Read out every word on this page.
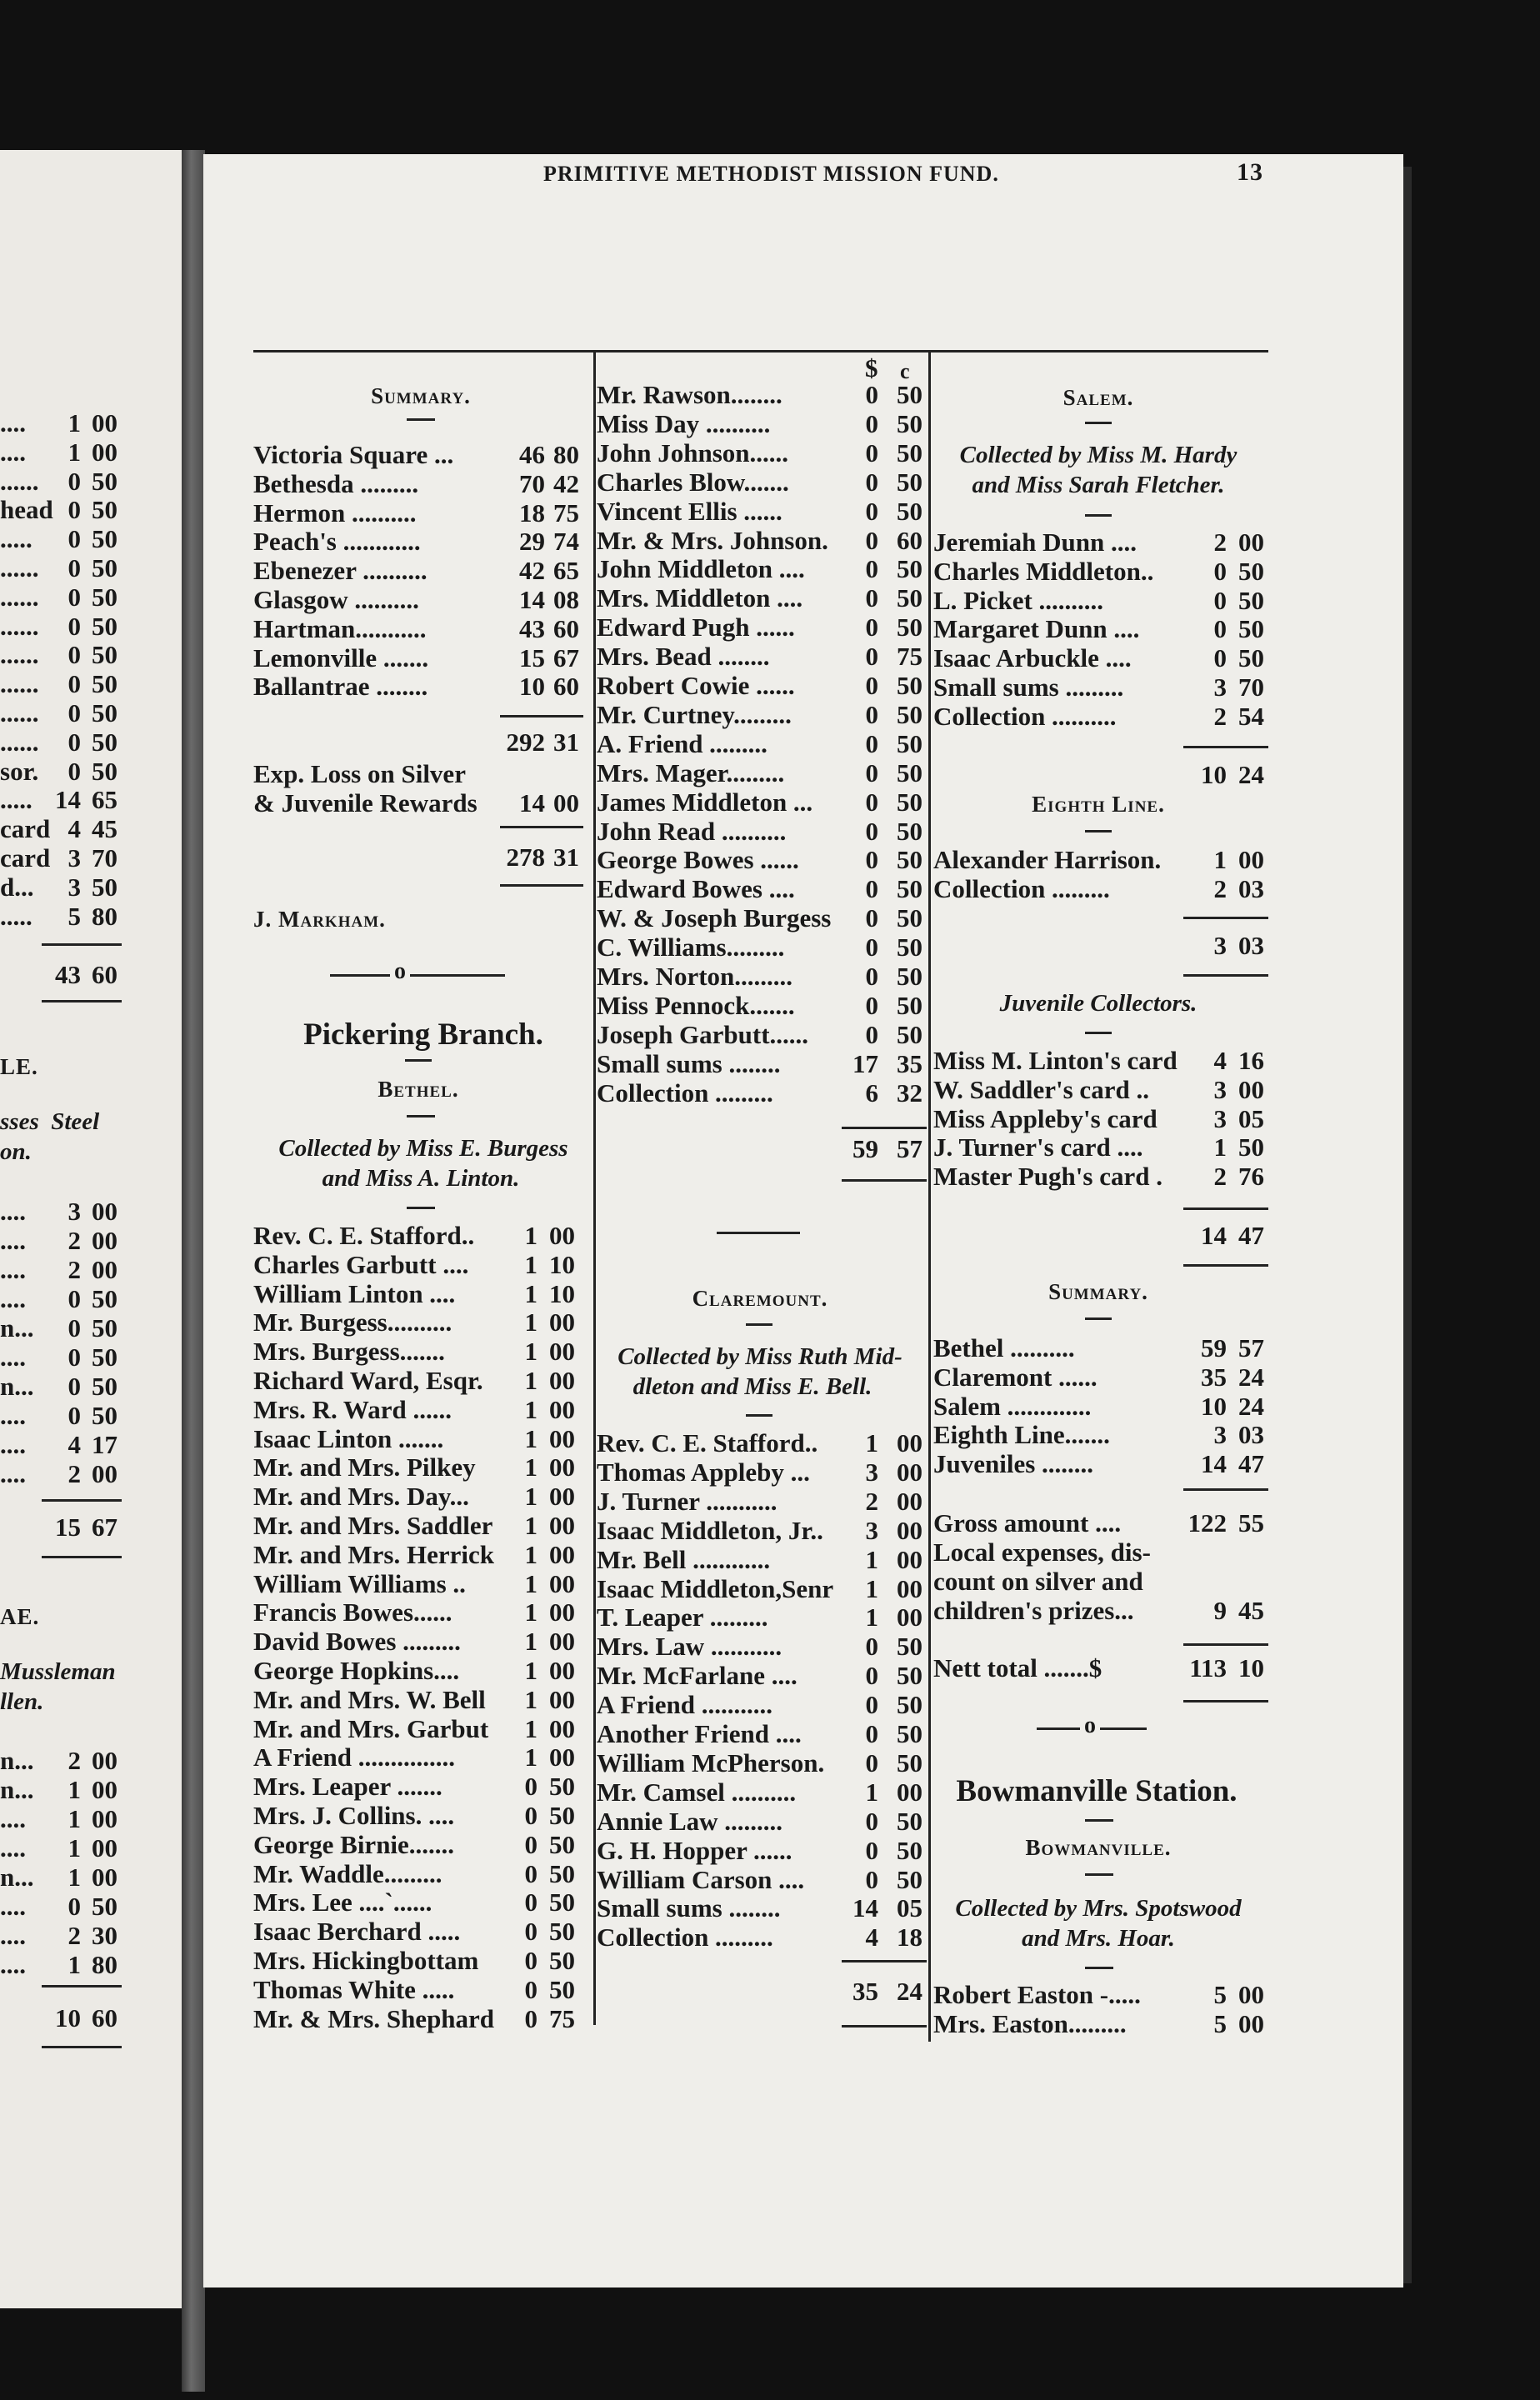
PRIMITIVE METHODIST MISSION FUND.	13
$ c
....	1 00
....	1 00
......	0 50
head 0 50
.....	0 50
......	0 50
......	0 50
......	0 50
......	0 50
......	0 50
......	0 50
......	0 50
sor.	0 50
..... 14 65
card 4 45
card 3 70
d...	3 50
.....	5 80
43 60
LE.
sses  Steel
on.
....	3 00
....	2 00
....	2 00
....	0 50
n...	0 50
....	0 50
n...	0 50
....	0 50
....	4 17
....	2 00
15 67
AE.
Mussleman
llen.
n...	2 00
n...	1 00
....	1 00
....	1 00
n...	1 00
....	0 50
....	2 30
....	1 80
10 60
Summary.
Victoria Square ...	46 80
Bethesda .........	70 42
Hermon ..........	18 75
Peach's ............	29 74
Ebenezer ..........	42 65
Glasgow ..........	14 08
Hartman...........	43 60
Lemonville .......	15 67
Ballantrae ........	10 60
292 31
Exp. Loss on Silver
& Juvenile Rewards	14 00
278 31
J. Markham.
o
Pickering Branch.
Bethel.
Collected by Miss E. Burgess
and Miss A. Linton.
Rev. C. E. Stafford..	1 00
Charles Garbutt ....	1 10
William Linton ....	1 10
Mr. Burgess..........	1 00
Mrs. Burgess.......	1 00
Richard Ward, Esqr.	1 00
Mrs. R. Ward ......	1 00
Isaac Linton .......	1 00
Mr. and Mrs. Pilkey	1 00
Mr. and Mrs. Day...	1 00
Mr. and Mrs. Saddler	1 00
Mr. and Mrs. Herrick	1 00
William Williams ..	1 00
Francis Bowes......	1 00
David Bowes .........	1 00
George Hopkins....	1 00
Mr. and Mrs. W. Bell	1 00
Mr. and Mrs. Garbut	1 00
A Friend ...............	1 00
Mrs. Leaper .......	0 50
Mrs. J. Collins. ....	0 50
George Birnie.......	0 50
Mr. Waddle.........	0 50
Mrs. Lee ....`......	0 50
Isaac Berchard .....	0 50
Mrs. Hickingbottam	0 50
Thomas White .....	0 50
Mr. & Mrs. Shephard	0 75
Mr. Rawson........	0 50
Miss Day ..........	0 50
John Johnson......	0 50
Charles Blow.......	0 50
Vincent Ellis ......	0 50
Mr. & Mrs. Johnson.	0 60
John Middleton ....	0 50
Mrs. Middleton ....	0 50
Edward Pugh ......	0 50
Mrs. Bead ........	0 75
Robert Cowie ......	0 50
Mr. Curtney.........	0 50
A. Friend .........	0 50
Mrs. Mager.........	0 50
James Middleton ...	0 50
John Read ..........	0 50
George Bowes ......	0 50
Edward Bowes ....	0 50
W. & Joseph Burgess	0 50
C. Williams.........	0 50
Mrs. Norton.........	0 50
Miss Pennock.......	0 50
Joseph Garbutt......	0 50
Small sums ........	17 35
Collection .........	6 32
59 57
Claremount.
Collected by Miss Ruth Mid-
dleton and Miss E. Bell.
Rev. C. E. Stafford..	1 00
Thomas Appleby ...	3 00
J. Turner ...........	2 00
Isaac Middleton, Jr..	3 00
Mr. Bell ............	1 00
Isaac Middleton,Senr	1 00
T. Leaper .........	1 00
Mrs. Law ...........	0 50
Mr. McFarlane ....	0 50
A Friend ...........	0 50
Another Friend ....	0 50
William McPherson.	0 50
Mr. Camsel ..........	1 00
Annie Law .........	0 50
G. H. Hopper ......	0 50
William Carson ....	0 50
Small sums ........	14 05
Collection .........	4 18
35 24
Salem.
Collected by Miss M. Hardy
and Miss Sarah Fletcher.
Jeremiah Dunn ....	2 00
Charles Middleton..	0 50
L. Picket ..........	0 50
Margaret Dunn ....	0 50
Isaac Arbuckle ....	0 50
Small sums .........	3 70
Collection ..........	2 54
10 24
Eighth Line.
Alexander Harrison.	1 00
Collection .........	2 03
3 03
Juvenile Collectors.
Miss M. Linton's card	4 16
W. Saddler's card ..	3 00
Miss Appleby's card	3 05
J. Turner's card ....	1 50
Master Pugh's card .	2 76
14 47
Summary.
Bethel ..........	59 57
Claremont ......	35 24
Salem .............	10 24
Eighth Line.......	3 03
Juveniles ........	14 47
Gross amount ....	122 55
Local expenses, dis-
count on silver and
children's prizes...	9 45
Nett total .......$	113 10
o
Bowmanville Station.
Bowmanville.
Collected by Mrs. Spotswood
and Mrs. Hoar.
Robert Easton -.....	5 00
Mrs. Easton.........	5 00
